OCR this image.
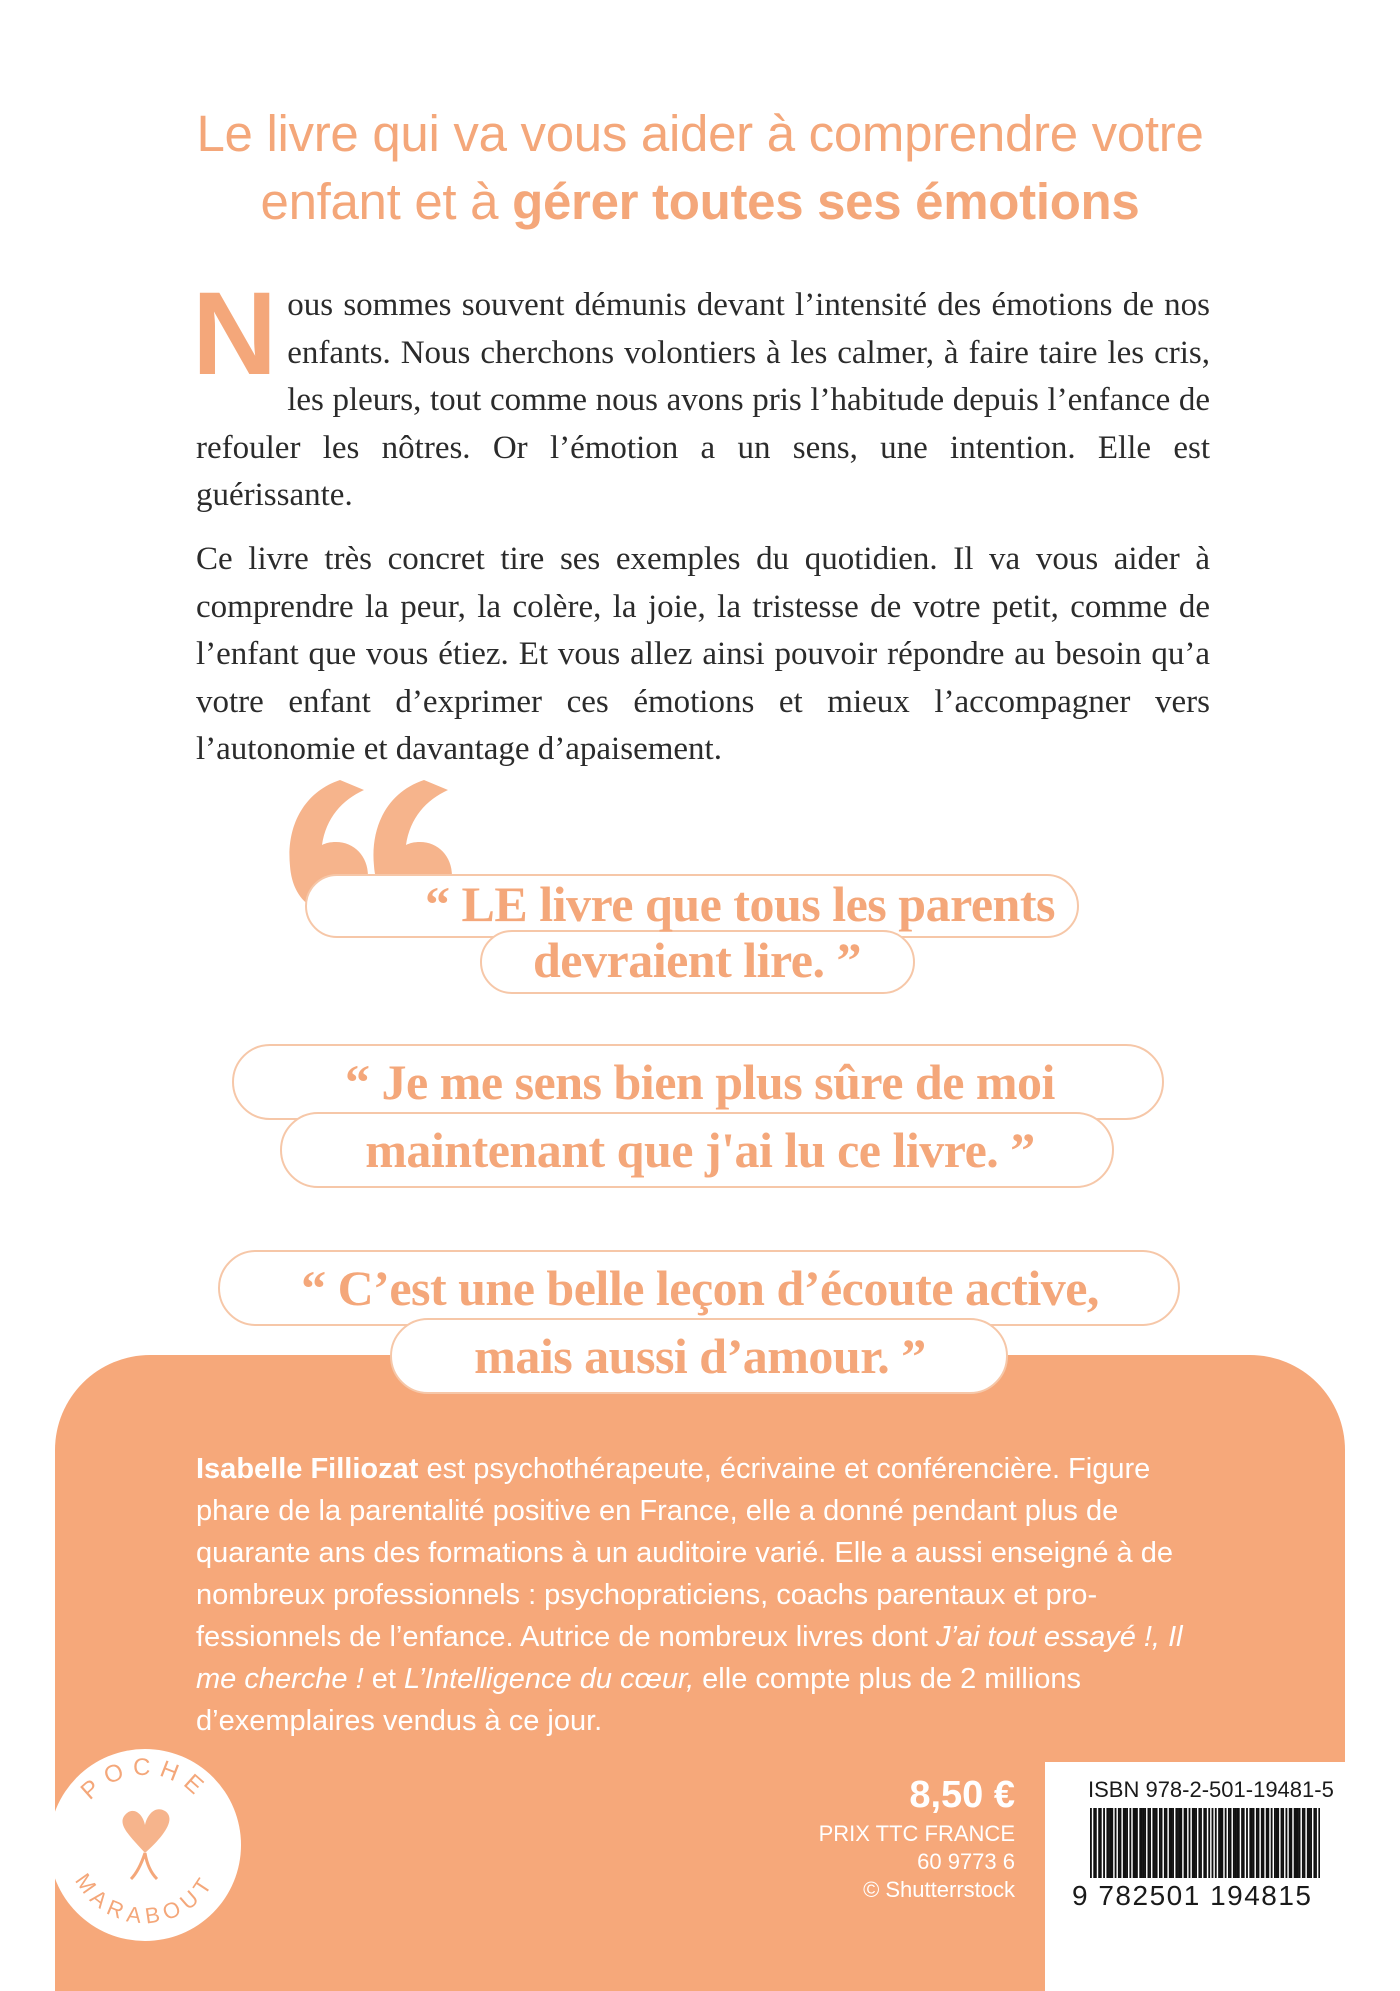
Le livre qui va vous aider à comprendre votre
enfant et à gérer toutes ses émotions

Nous sommes souvent démunis devant l’intensité des émotions de nos enfants. Nous cherchons volontiers à les calmer, à faire taire les cris, les pleurs, tout comme nous avons pris l’habitude depuis l’enfance de refouler les nôtres. Or l’émotion a un sens, une intention. Elle est guérissante.

Ce livre très concret tire ses exemples du quotidien. Il va vous aider à comprendre la peur, la colère, la joie, la tristesse de votre petit, comme de l’enfant que vous étiez. Et vous allez ainsi pouvoir répondre au besoin qu’a votre enfant d’exprimer ces émotions et mieux l’accompagner vers l’autonomie et davantage d’apaisement.

“ LE livre que tous les parents
devraient lire. ”
“ Je me sens bien plus sûre de moi
maintenant que j'ai lu ce livre. ”
“ C’est une belle leçon d’écoute active,
mais aussi d’amour. ”
Isabelle Filliozat est psychothérapeute, écrivaine et conférencière. Figure phare de la parentalité positive en France, elle a donné pendant plus de quarante ans des formations à un auditoire varié. Elle a aussi enseigné à de nombreux professionnels : psychopraticiens, coachs parentaux et pro-fessionnels de l’enfance. Autrice de nombreux livres dont J’ai tout essayé !, Il me cherche ! et L’Intelligence du cœur, elle compte plus de 2 millions d’exemplaires vendus à ce jour.
8,50 €
PRIX TTC FRANCE
60 9773 6
© Shutterrstock
ISBN 978-2-501-19481-5
9 782501 194815
POCHE
MARABOUT
